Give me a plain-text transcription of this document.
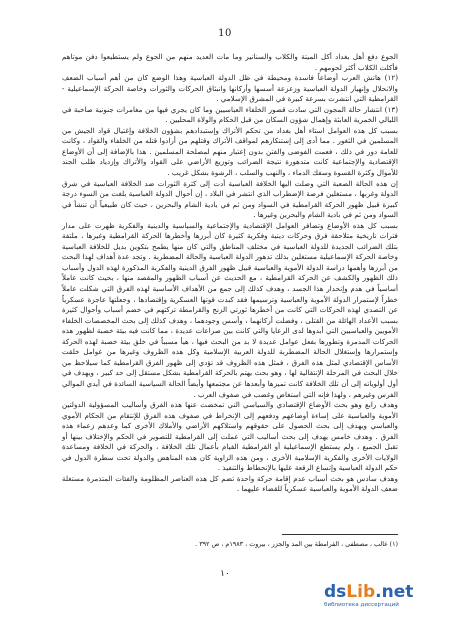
10

الجوع دفع أهل بغداد أكل الميتة والكلاب والسنانير وما مات العديد منهم من الجوع ولم يستطيعوا دفن موتاهم فأكلت الكلاب أكثر لحومهم .

(١٢) هاتش العرب أوضاعاً فاسدة ومحيطة في ظل الدولة العباسية وهذا الوضع كان من أهم أسباب الضعف والانحلال وإنهيار الدولة العباسية وزعزعة أسسها وأركانها وانبثاق الحركات والثورات وخاصة الحركة الإسماعيلية - القرامطية التي انتشرت بسرعة كبيرة في المشرق الإسلامي .

(١٣) انتشار حالة المجون التي سادت قصور الخلفاء العباسيين وما كان يجري فيها من مغامرات جنونية صاخبة في الليالي الخمرية العابثة وإهمال شؤون السكان من قبل الحكام والولاة المحليين .

بسبب كل هذه العوامل استاء أهل بغداد من تحكم الأتراك وإستبدادهم بشؤون الخلافة وإغتيال قواد الجيش من المسلمين في الثغور . مما أدى إلى إستنكارهم لمواقف الأتراك وقتلهم من أرادوا قتله من الخلفاء والقواد ، وكانت للعامة دور في ذلك ، فعمت الفوضى والفتن بدون إعتبار منهم لمصلحة المسلمين . هذا بالإضافة إلى أن الأوضاع الإقتصادية والإجتماعية كانت متدهورة نتيجة الضرائب وتوزيع الأراضي على القواد والأتراك وإزدياد طلب الجند للأموال وكثرة القسوة وسفك الدماء ، والنهب والسلب ، الرشوة بشكل غريب .

إن هذه الحالة الصعبة التي وصلت اليها الخلافة العباسية أدت إلى كثرة الثورات ضد الخلافة العباسية في شرق الدولة وغربها ، مستغلين فرصة الإضطراب الذي انتشر في البلاد ، إن أحوال الدولة العباسية بلغت من السوء درجة كبيرة قبيل ظهور الحركة القرامطية في السواد ومن ثم في بادية الشام والبحرين ، حيث كان طبيعياً أن تنشأ في السواد ومن ثم في بادية الشام والبحرين وغيرها .

بسبب كل هذه الأوضاع وتضافر العوامل الإقتصادية والإجتماعية والسياسية والدينية والفكرية ظهرت على مدار فترات تاريخية متلاحقة فرق وحركات دينية وفكرية كثيرة كان أبرزها وأخطرها الحركة القرامطية وغيرها ، ملتفة بتلك الضرائب الجديدة للدولة العباسية في مختلف المناطق والتي كان منها يطمح بتكوين بديل للخلافة العباسية وخاصة الحركة الإسماعيلية مستغلين بذلك تدهور الدولة العباسية والحالة المضطربة . وتجد عدة أهداف لهذا البحث من أبرزها وأهمها دراسة الدولة الأموية والعباسية قبيل ظهور الفرق الدينية والفكرية المذكورة لهذه الدول وأسباب ذلك الظهور والكشف عن الحركة القرامطية ، مع الحديث عن أسباب الظهور والمقصد منها ، بحيث كانت عاملاً أساسياً في هدم وإنحدار هذا الجسد ، وهدف كذلك إلى جمع من الأهداف الأساسية لهذه الفرق التي شكلت عاملاً خطراً لإستمرار الدولة الأموية والعباسية وترسيمها فقد كبدت قوتها العسكرية وإقتصادها ، وجعلتها عاجزة عسكرياً عن التصدي لهذه الحركات التي كانت من أخطرها ثورتي الزنج والقرامطة تركتهم في خضم أسباب وأحوال كثيرة بسبب الأعداد الهائلة من القتلى ، وفضلت أركانهما ، وأسس وجودهما ، وهدف كذلك إلى بحث المخصصات الخلفاء الأمويين والعباسيين التي أبدوها لدى الرعايا والتي كانت بين صراعات عديدة ، مما كانت فيه بيئة خصبة لظهور هذه الحركات المدمرة وتطورها بفعل عوامل عديدة لا بد من البحث فيها ، هيأ مسبباً في خلق بيئة خصبة لهذه الحركة وإستمرارها وإستغلال الحالة المضطربة للدولة العربية الإسلامية وكل هذه الظروف وغيرها من عوامل خلقت الأساس الإقتصادي لمثل هذه الفرق ، فمثل هذه الظروف قد تؤدي إلى ظهور الفرق القرامطية كما سيلاحظ من خلال البحث في المرحلة الإنتقالية لها ، وهو بحث يهتم بالحركة القرامطية بشكل مستقل إلى حد كبير ، ويهدف في أول أولوياته إلى أن تلك الخلافة كانت تميزها وأبعدها عن مجتمعها وأيضاً الحالة السياسية السائدة في أيدي الموالي الفرس وغيرهم ، ولهذا فإنه التي استغاض وغضب في صفوف العرب .

وهدف رابع وهو بحث الأوضاع الإقتصادي والسياسي التي تمخضت عنها هذه الفرق وأساليب المسؤولية الدولتين الأموية والعباسية على إساءة أوضاعهم ودفعهم إلى الإنخراط في صفوف هذه الفرق للإنتقام من الحكام الأموي والعباسي ويهدف إلى بحث الحصول على حقوقهم واستلاكهم الأراضي والأملاك الأخرى كما وعدهم زعماء هذه الفرق . وهدف خامس يهدف إلى بحث أساليب التي عملت إلى القرامطية للتصوير في الحكم والإختلاف بينها أو تقبل الجميع ، ولم يستطع الإسماعيلية أو القرامطية القيام بأعمال تلك الخلافة ، والحركة في الخلافة ومساعدة الولايات الأخرى والفكرية الإسلامية الأخرى ، ومن هذه الزاوية كان هذه المناهض والدولة تحت سطرة الدول في حكم الدولة العباسية وإتساع الرقعة عليها بالإنحطاط والتنفيذ .

وهدف سادس هو بحث أسباب عدم إقامة حركة واحدة تضم كل هذه العناصر المظلومة والفئات المتذمرة مستغلة ضعف الدولة الأموية والعباسية عسكرياً للقضاء عليهما .

(١) غالب ، مصطفى ، القرامطة بين المد والجزر ، بيروت ، ١٩٨٣م ، ص ٣٩٢ .
١٠
dsLib.net
библиотека диссертаций
